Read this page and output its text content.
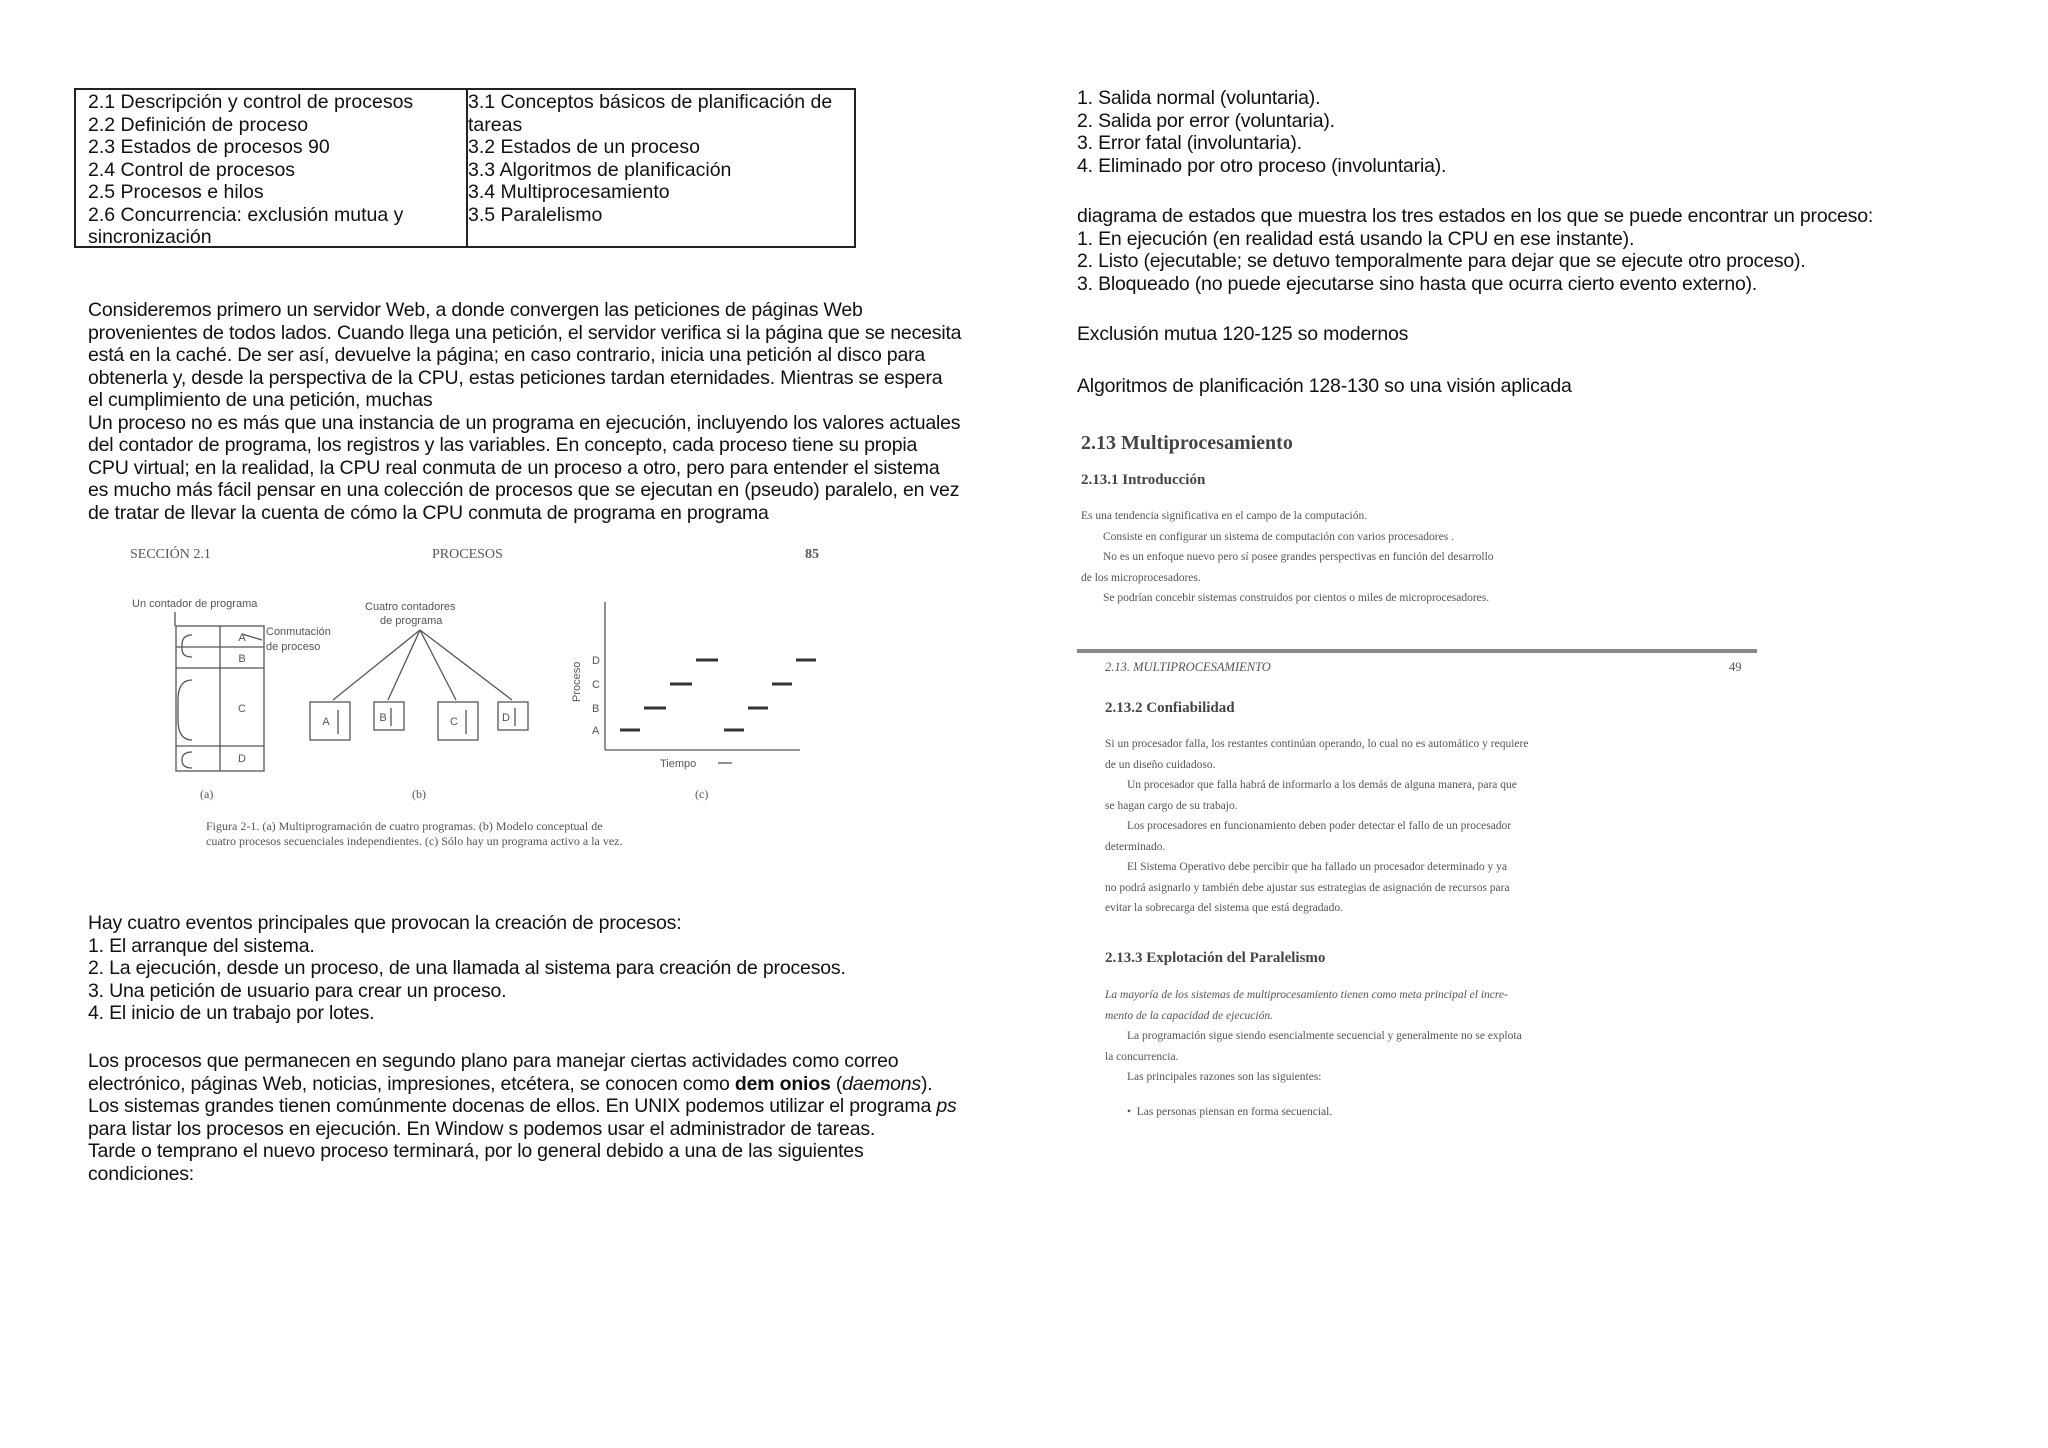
2.1 Descripción y control de procesos
2.2 Definición de proceso
2.3 Estados de procesos 90
2.4 Control de procesos
2.5 Procesos e hilos
2.6 Concurrencia: exclusión mutua y
sincronización
3.1 Conceptos básicos de planificación de
tareas
3.2 Estados de un proceso
3.3 Algoritmos de planificación
3.4 Multiprocesamiento
3.5 Paralelismo
Consideremos primero un servidor Web, a donde convergen las peticiones de páginas Web
provenientes de todos lados. Cuando llega una petición, el servidor verifica si la página que se necesita
está en la caché. De ser así, devuelve la página; en caso contrario, inicia una petición al disco para
obtenerla y, desde la perspectiva de la CPU, estas peticiones tardan eternidades. Mientras se espera
el cumplimiento de una petición, muchas
Un proceso no es más que una instancia de un programa en ejecución, incluyendo los valores actuales
del contador de programa, los registros y las variables. En concepto, cada proceso tiene su propia
CPU virtual; en la realidad, la CPU real conmuta de un proceso a otro, pero para entender el sistema
es mucho más fácil pensar en una colección de procesos que se ejecutan en (pseudo) paralelo, en vez
de tratar de llevar la cuenta de cómo la CPU conmuta de programa en programa
SECCIÓN 2.1	PROCESOS	85
Un contador de programa
Conmutación
de proceso
Cuatro contadores
de programa
A
B
C
D
A	B	C	D
A
B
C
D
Proceso
Tiempo
(a)	(b)	(c)
Figura 2-1. (a) Multiprogramación de cuatro programas. (b) Modelo conceptual de
cuatro procesos secuenciales independientes. (c) Sólo hay un programa activo a la vez.
Hay cuatro eventos principales que provocan la creación de procesos:
1. El arranque del sistema.
2. La ejecución, desde un proceso, de una llamada al sistema para creación de procesos.
3. Una petición de usuario para crear un proceso.
4. El inicio de un trabajo por lotes.
Los procesos que permanecen en segundo plano para manejar ciertas actividades como correo
electrónico, páginas Web, noticias, impresiones, etcétera, se conocen como dem onios (daemons).
Los sistemas grandes tienen comúnmente docenas de ellos. En UNIX podemos utilizar el programa ps
para listar los procesos en ejecución. En Window s podemos usar el administrador de tareas.
Tarde o temprano el nuevo proceso terminará, por lo general debido a una de las siguientes
condiciones:
1. Salida normal (voluntaria).
2. Salida por error (voluntaria).
3. Error fatal (involuntaria).
4. Eliminado por otro proceso (involuntaria).
diagrama de estados que muestra los tres estados en los que se puede encontrar un proceso:
1. En ejecución (en realidad está usando la CPU en ese instante).
2. Listo (ejecutable; se detuvo temporalmente para dejar que se ejecute otro proceso).
3. Bloqueado (no puede ejecutarse sino hasta que ocurra cierto evento externo).
Exclusión mutua 120-125 so modernos
Algoritmos de planificación 128-130 so una visión aplicada
2.13 Multiprocesamiento
2.13.1 Introducción
Es una tendencia significativa en el campo de la computación.
Consiste en configurar un sistema de computación con varios procesadores .
No es un enfoque nuevo pero sí posee grandes perspectivas en función del desarrollo
de los microprocesadores.
Se podrían concebir sistemas construidos por cientos o miles de microprocesadores.
2.13. MULTIPROCESAMIENTO	49
2.13.2 Confiabilidad
Si un procesador falla, los restantes continúan operando, lo cual no es automático y requiere
de un diseño cuidadoso.
Un procesador que falla habrá de informarlo a los demás de alguna manera, para que
se hagan cargo de su trabajo.
Los procesadores en funcionamiento deben poder detectar el fallo de un procesador
determinado.
El Sistema Operativo debe percibir que ha fallado un procesador determinado y ya
no podrá asignarlo y también debe ajustar sus estrategias de asignación de recursos para
evitar la sobrecarga del sistema que está degradado.
2.13.3 Explotación del Paralelismo
La mayoría de los sistemas de multiprocesamiento tienen como meta principal el incre-
mento de la capacidad de ejecución.
La programación sigue siendo esencialmente secuencial y generalmente no se explota
la concurrencia.
Las principales razones son las siguientes:
•  Las personas piensan en forma secuencial.
